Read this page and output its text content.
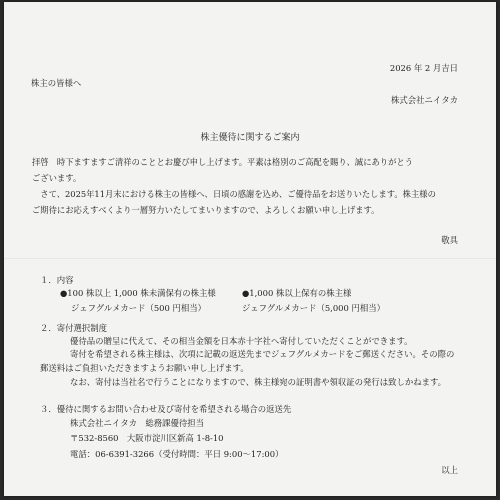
2026 年 2 月吉日
株主の皆様へ
株式会社ニイタカ
株主優待に関するご案内
拝啓　時下ますますご清祥のこととお慶び申し上げます。平素は格別のご高配を賜り、誠にありがとう
ございます。
　さて、2025年11月末における株主の皆様へ、日頃の感謝を込め、ご優待品をお送りいたします。株主様の
ご期待にお応えすべくより一層努力いたしてまいりますので、よろしくお願い申し上げます。
敬具
１．内容
●100 株以上 1,000 株未満保有の株主様	●1,000 株以上保有の株主様
ジェフグルメカード（500 円相当）	ジェフグルメカード（5,000 円相当）
２．寄付選択制度
優待品の贈呈に代えて、その相当金額を日本赤十字社へ寄付していただくことができます。
寄付を希望される株主様は、次項に記載の返送先までジェフグルメカードをご郵送ください。その際の
郵送料はご負担いただきますようお願い申し上げます。
なお、寄付は当社名で行うことになりますので、株主様宛の証明書や領収証の発行は致しかねます。
３．優待に関するお問い合わせ及び寄付を希望される場合の返送先
株式会社ニイタカ　総務課優待担当
〒532-8560　大阪市淀川区新高 1-8-10
電話：06-6391-3266（受付時間：平日 9:00～17:00）
以上
